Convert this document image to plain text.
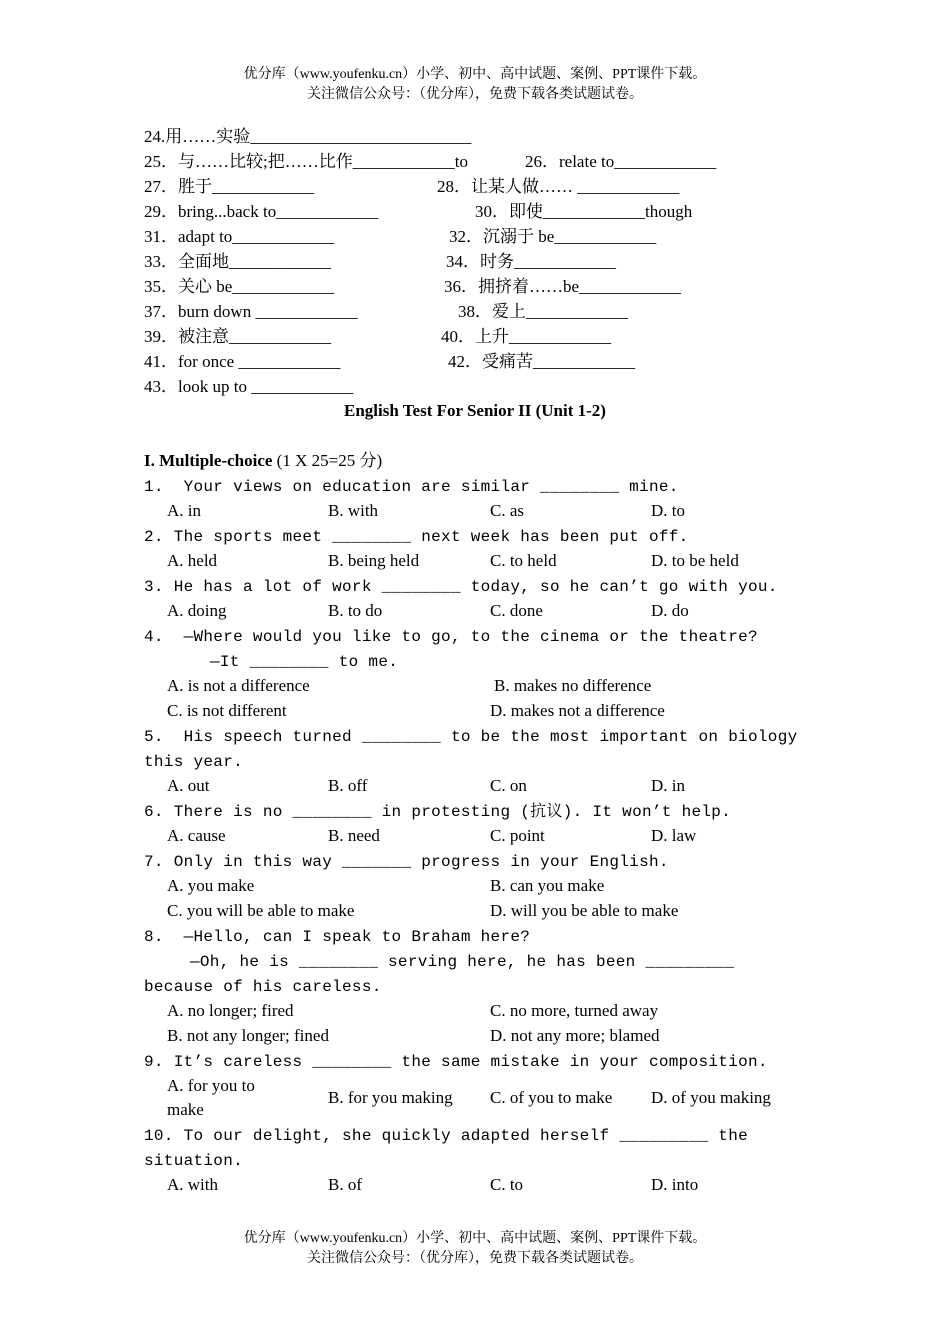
优分库（www.youfenku.cn）小学、初中、高中试题、案例、PPT课件下载。
关注微信公众号：（优分库），免费下载各类试题试卷。
24.用……实验__________________________
25．与……比较;把……比作____________to	26．relate to____________
27．胜于____________	28．让某人做…… ____________
29．bring...back to____________	30．即使____________though
31．adapt to____________	32．沉溺于 be____________
33．全面地____________	34．时务____________
35．关心 be____________	36．拥挤着……be____________
37．burn down ____________	38．爱上____________
39．被注意____________	40．上升____________
41．for once ____________	42．受痛苦____________
43．look up to ____________
English Test For Senior II (Unit 1-2)
I. Multiple-choice (1 X 25=25 分)
1.  Your views on education are similar ________ mine.
A. in	B. with	C. as	D. to
2. The sports meet ________ next week has been put off.
A. held	B. being held	C. to held	D. to be held
3. He has a lot of work ________ today, so he can’t go with you.
A. doing	B. to do	C. done	D. do
4.  —Where would you like to go, to the cinema or the theatre?
—It ________ to me.
A. is not a difference	B. makes no difference
C. is not different	D. makes not a difference
5.  His speech turned ________ to be the most important on biology
this year.
A. out	B. off	C. on	D. in
6. There is no ________ in protesting (抗议). It won’t help.
A. cause	B. need	C. point	D. law
7. Only in this way _______ progress in your English.
A. you make	B. can you make
C. you will be able to make	D. will you be able to make
8.  —Hello, can I speak to Braham here?
—Oh, he is ________ serving here, he has been _________
because of his careless.
A. no longer; fired	C. no more, turned away
B. not any longer; fined	D. not any more; blamed
9. It’s careless ________ the same mistake in your composition.
A. for you to
make
B. for you making C. of you to make D. of you making
10. To our delight, she quickly adapted herself _________ the
situation.
A. with	B. of	C. to	D. into
优分库（www.youfenku.cn）小学、初中、高中试题、案例、PPT课件下载。
关注微信公众号：（优分库），免费下载各类试题试卷。
